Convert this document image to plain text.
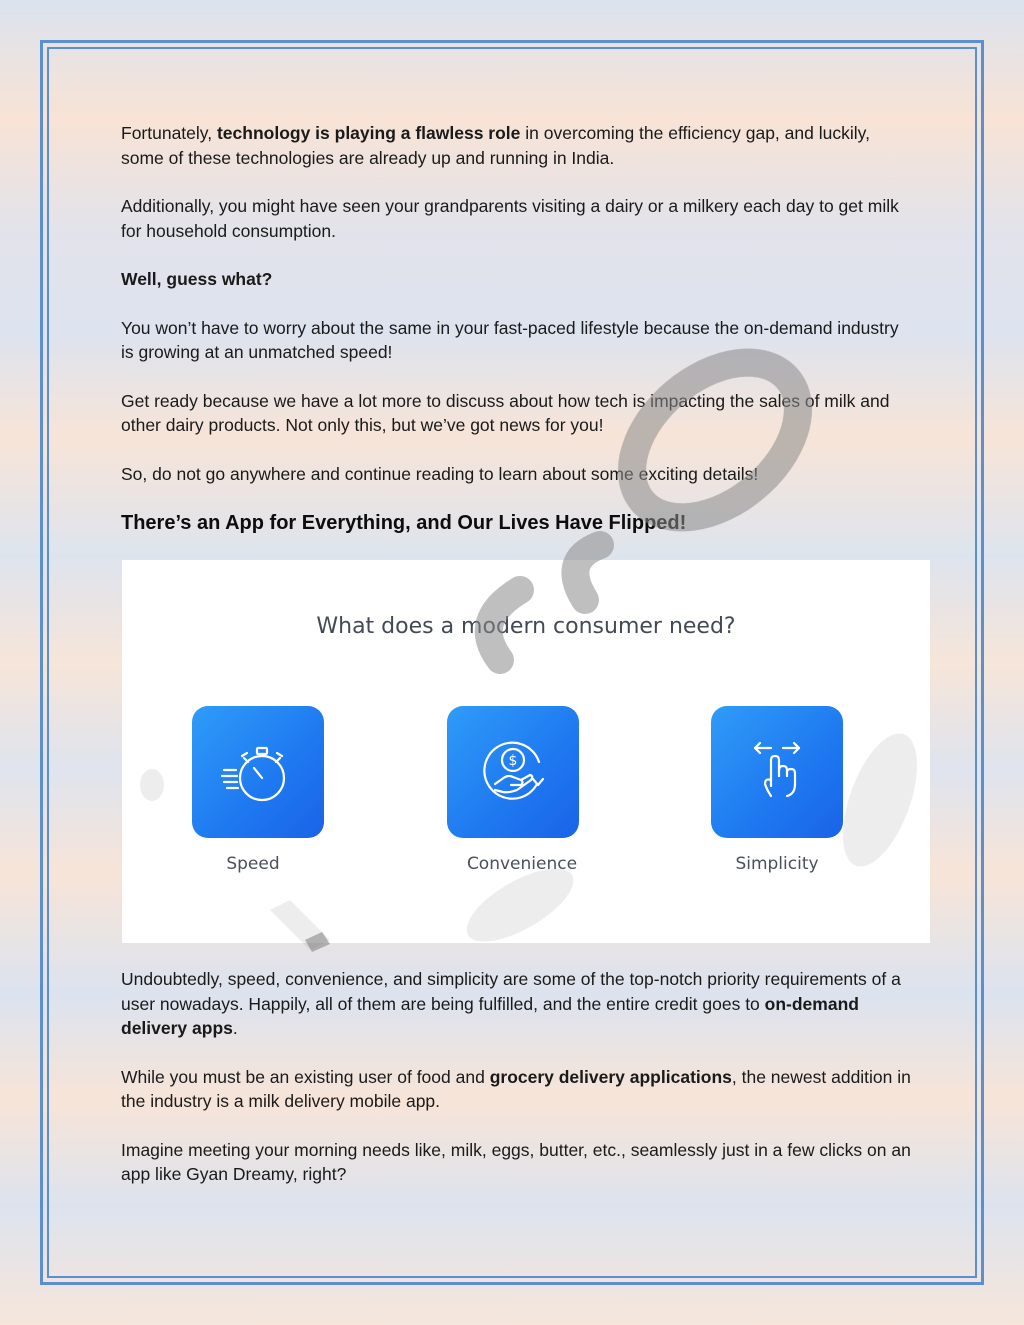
Fortunately, technology is playing a flawless role in overcoming the efficiency gap, and luckily, some of these technologies are already up and running in India.

Additionally, you might have seen your grandparents visiting a dairy or a milkery each day to get milk for household consumption.

Well, guess what?

You won’t have to worry about the same in your fast-paced lifestyle because the on-demand industry is growing at an unmatched speed!

Get ready because we have a lot more to discuss about how tech is impacting the sales of milk and other dairy products. Not only this, but we’ve got news for you!

So, do not go anywhere and continue reading to learn about some exciting details!

There’s an App for Everything, and Our Lives Have Flipped!
What does a modern consumer need?
Speed
$
Convenience	Simplicity

Undoubtedly, speed, convenience, and simplicity are some of the top-notch priority requirements of a user nowadays. Happily, all of them are being fulfilled, and the entire credit goes to on-demand delivery apps.

While you must be an existing user of food and grocery delivery applications, the newest addition in the industry is a milk delivery mobile app.

Imagine meeting your morning needs like, milk, eggs, butter, etc., seamlessly just in a few clicks on an app like Gyan Dreamy, right?
